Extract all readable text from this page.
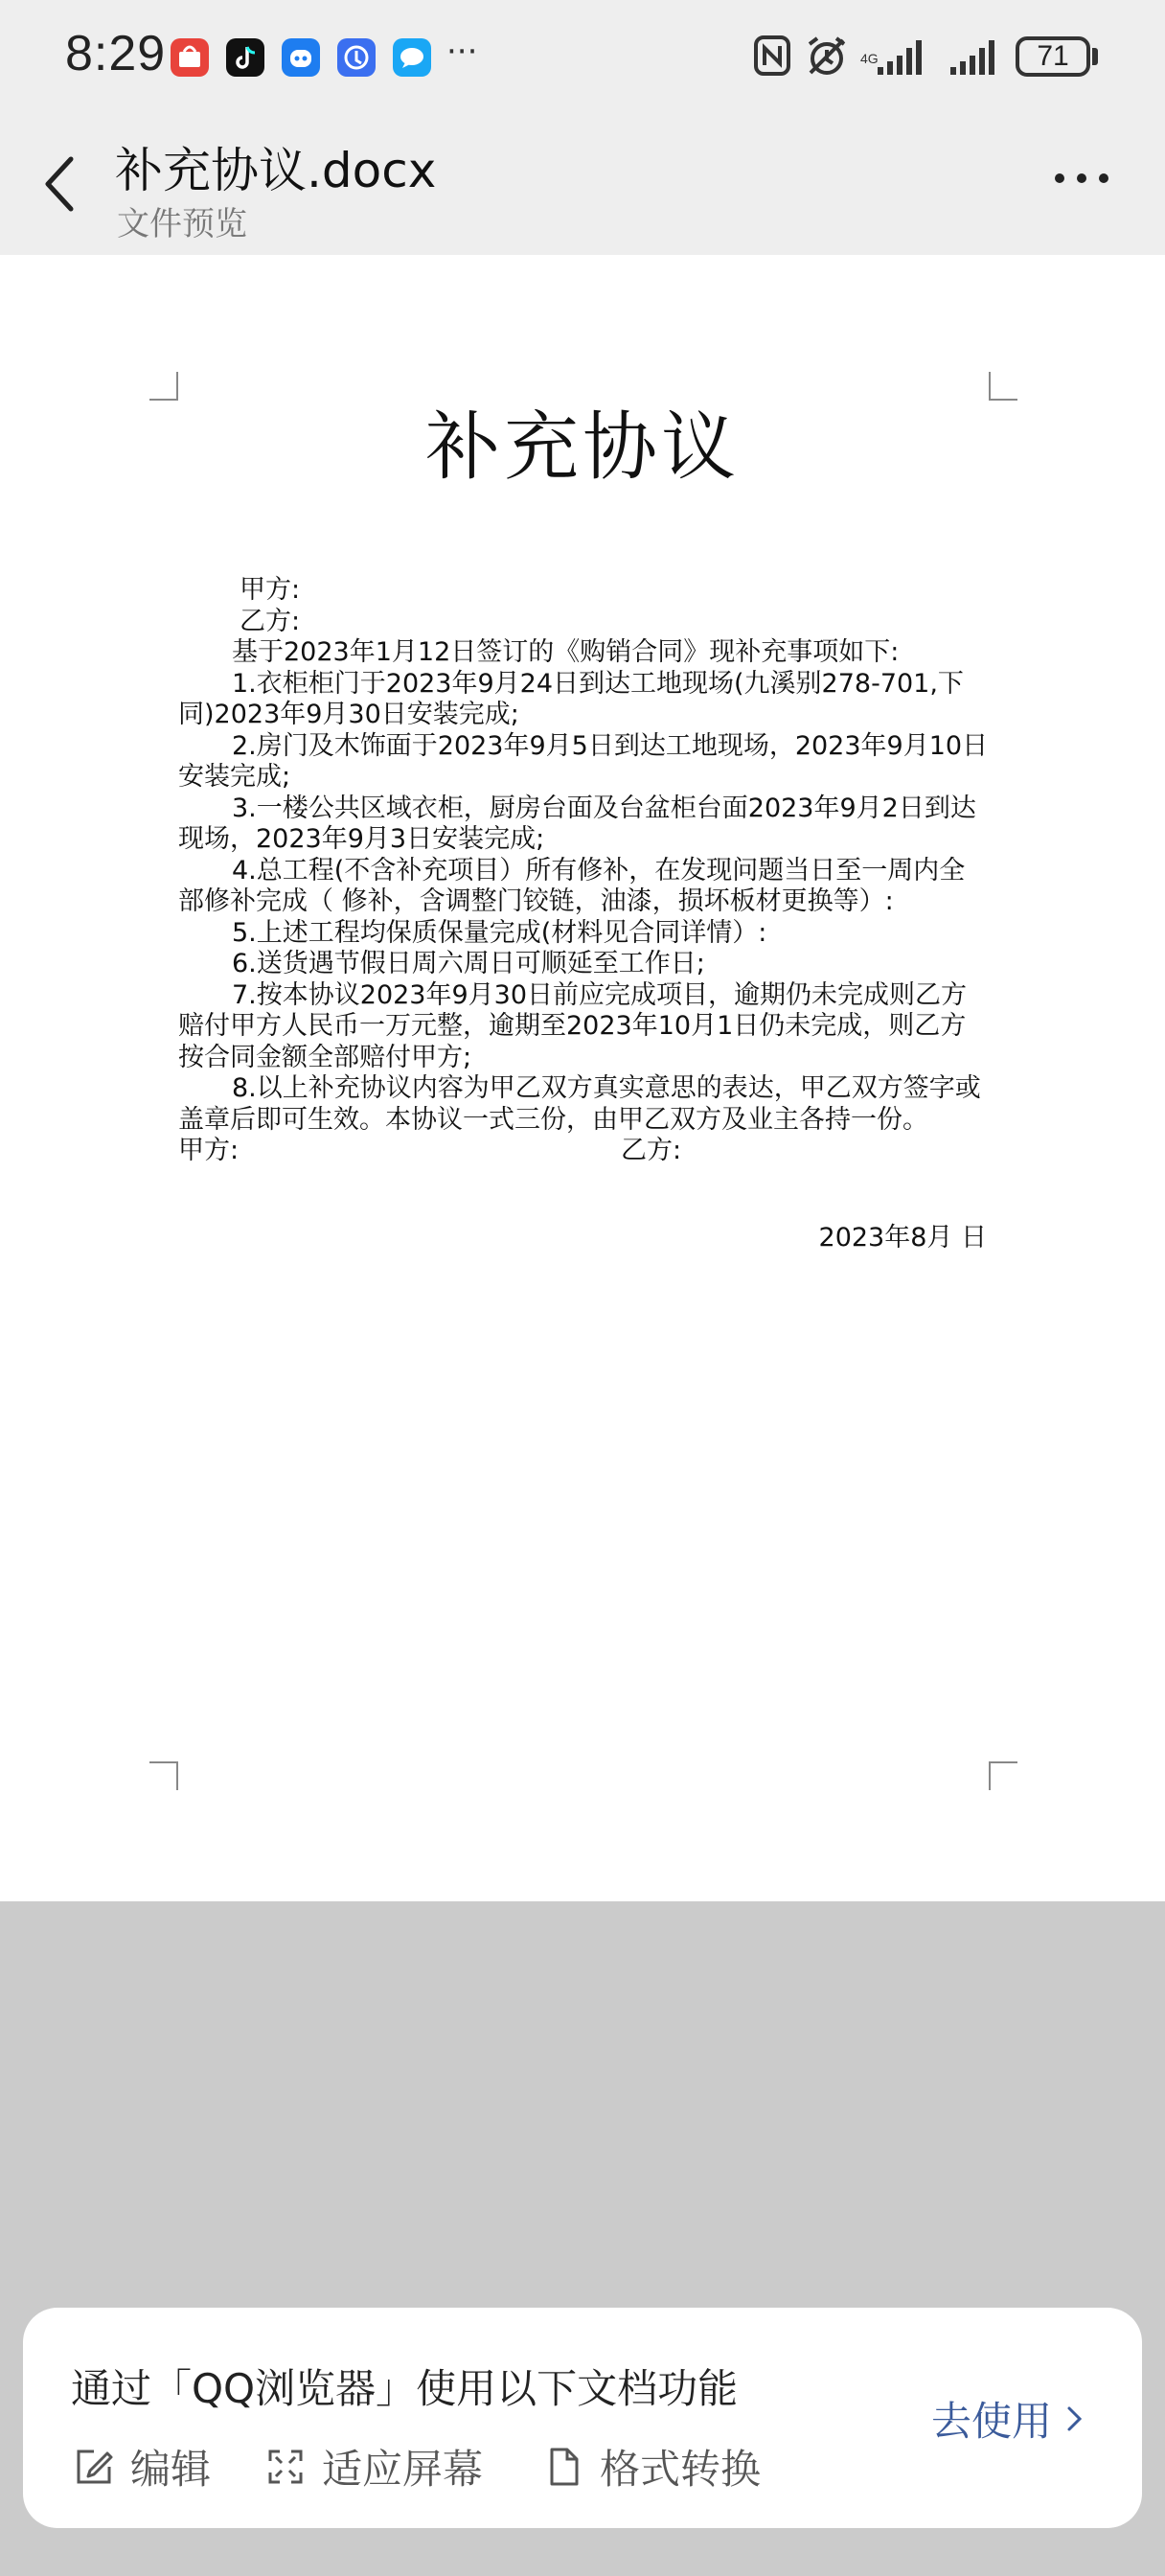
8:29	···	4G	71
补充协议.docx
文件预览
补充协议

甲方:

乙方:

基于2023年1月12日签订的《购销合同》现补充事项如下:

1.衣柜柜门于2023年9月24日到达工地现场(九溪别278-701,下同)2023年9月30日安装完成;

2.房门及木饰面于2023年9月5日到达工地现场，2023年9月10日安装完成;

3.一楼公共区域衣柜，厨房台面及台盆柜台面2023年9月2日到达现场，2023年9月3日安装完成;

4.总工程(不含补充项目）所有修补，在发现问题当日至一周内全部修补完成（ 修补，含调整门铰链，油漆，损坏板材更换等）:

5.上述工程均保质保量完成(材料见合同详情）:

6.送货遇节假日周六周日可顺延至工作日;

7.按本协议2023年9月30日前应完成项目，逾期仍未完成则乙方赔付甲方人民币一万元整，逾期至2023年10月1日仍未完成，则乙方按合同金额全部赔付甲方;

8.以上补充协议内容为甲乙双方真实意思的表达，甲乙双方签字或盖章后即可生效。本协议一式三份，由甲乙双方及业主各持一份。

甲方:	乙方:
2023年8月 日
通过「QQ浏览器」使用以下文档功能
编辑	适应屏幕	格式转换
去使用
